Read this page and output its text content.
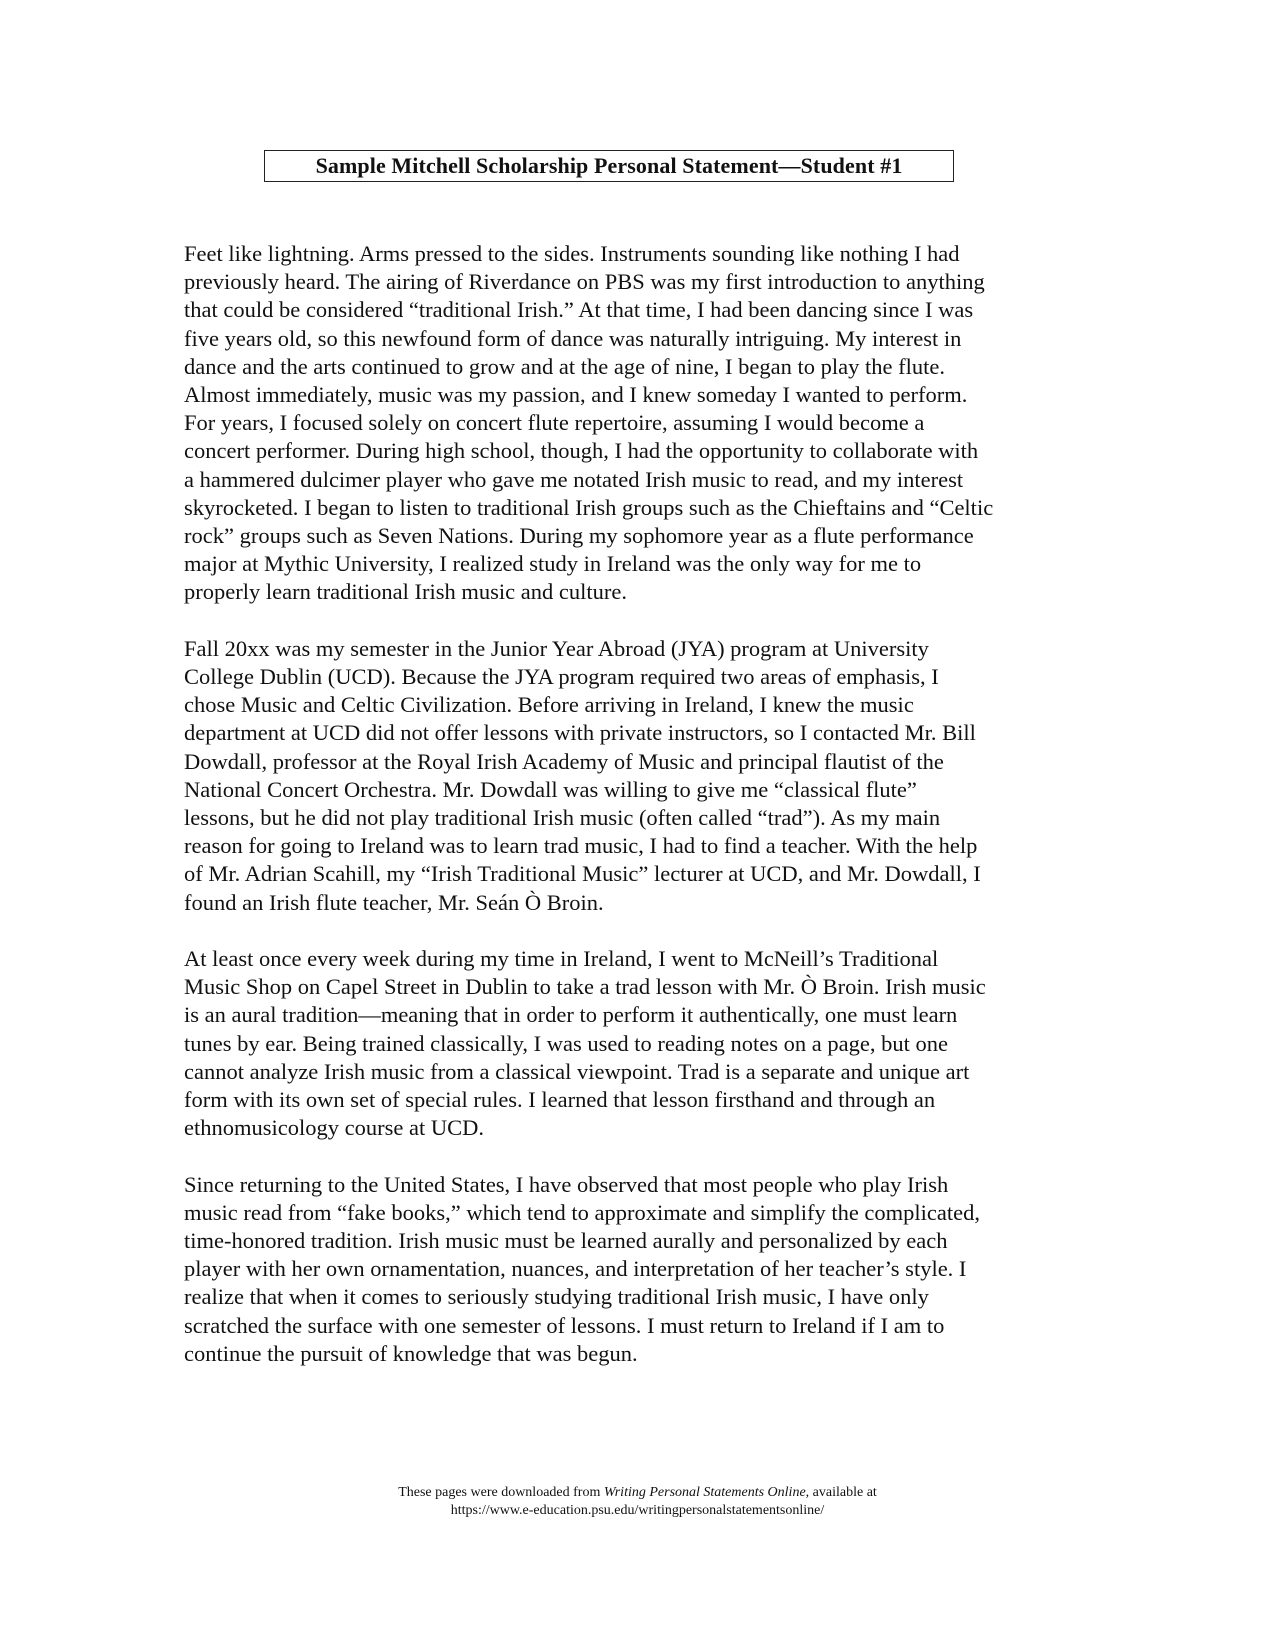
Sample Mitchell Scholarship Personal Statement—Student #1

Feet like lightning. Arms pressed to the sides. Instruments sounding like nothing I had
previously heard. The airing of Riverdance on PBS was my first introduction to anything
that could be considered “traditional Irish.” At that time, I had been dancing since I was
five years old, so this newfound form of dance was naturally intriguing. My interest in
dance and the arts continued to grow and at the age of nine, I began to play the flute.
Almost immediately, music was my passion, and I knew someday I wanted to perform.
For years, I focused solely on concert flute repertoire, assuming I would become a
concert performer. During high school, though, I had the opportunity to collaborate with
a hammered dulcimer player who gave me notated Irish music to read, and my interest
skyrocketed. I began to listen to traditional Irish groups such as the Chieftains and “Celtic
rock” groups such as Seven Nations. During my sophomore year as a flute performance
major at Mythic University, I realized study in Ireland was the only way for me to
properly learn traditional Irish music and culture.

Fall 20xx was my semester in the Junior Year Abroad (JYA) program at University
College Dublin (UCD). Because the JYA program required two areas of emphasis, I
chose Music and Celtic Civilization. Before arriving in Ireland, I knew the music
department at UCD did not offer lessons with private instructors, so I contacted Mr. Bill
Dowdall, professor at the Royal Irish Academy of Music and principal flautist of the
National Concert Orchestra. Mr. Dowdall was willing to give me “classical flute”
lessons, but he did not play traditional Irish music (often called “trad”). As my main
reason for going to Ireland was to learn trad music, I had to find a teacher. With the help
of Mr. Adrian Scahill, my “Irish Traditional Music” lecturer at UCD, and Mr. Dowdall, I
found an Irish flute teacher, Mr. Seán Ò Broin.

At least once every week during my time in Ireland, I went to McNeill’s Traditional
Music Shop on Capel Street in Dublin to take a trad lesson with Mr. Ò Broin. Irish music
is an aural tradition—meaning that in order to perform it authentically, one must learn
tunes by ear. Being trained classically, I was used to reading notes on a page, but one
cannot analyze Irish music from a classical viewpoint. Trad is a separate and unique art
form with its own set of special rules. I learned that lesson firsthand and through an
ethnomusicology course at UCD.

Since returning to the United States, I have observed that most people who play Irish
music read from “fake books,” which tend to approximate and simplify the complicated,
time-honored tradition. Irish music must be learned aurally and personalized by each
player with her own ornamentation, nuances, and interpretation of her teacher’s style. I
realize that when it comes to seriously studying traditional Irish music, I have only
scratched the surface with one semester of lessons. I must return to Ireland if I am to
continue the pursuit of knowledge that was begun.

These pages were downloaded from Writing Personal Statements Online, available at
https://www.e-education.psu.edu/writingpersonalstatementsonline/
